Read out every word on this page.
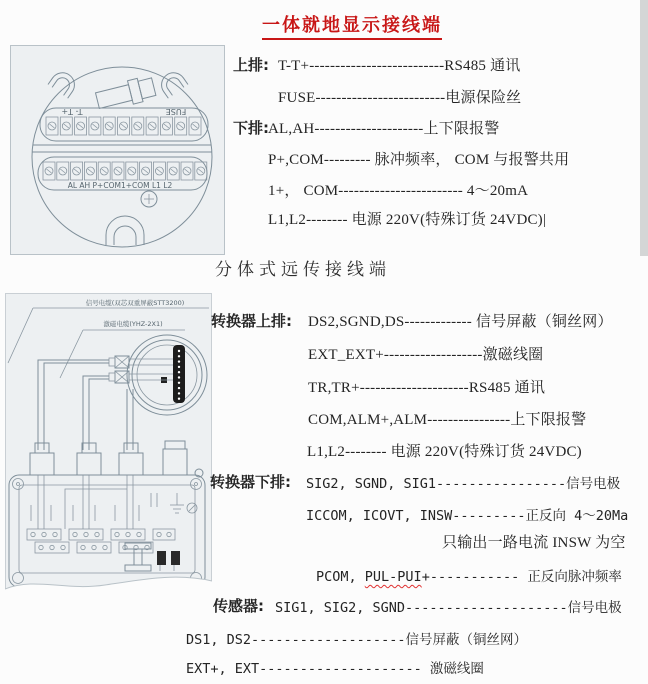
一体就地显示接线端
T- T+	FUSE
AL AH P+COM1+COM L1 L2
上排: T-T+--------------------------RS485 通讯
FUSE-------------------------电源保险丝
下排: AL,AH---------------------上下限报警
P+,COM--------- 脉冲频率， COM 与报警共用
1+， COM------------------------ 4～20mA
L1,L2-------- 电源 220V(特殊订货 24VDC)|
分体式远传接线端
信号电缆(双芯双重屏蔽STT3200)
激磁电缆(YHZ-2X1)	转换器上排: DS2,SGND,DS------------- 信号屏蔽（铜丝网）
EXT_EXT+-------------------激磁线圈
TR,TR+---------------------RS485 通讯
COM,ALM+,ALM----------------上下限报警
L1,L2-------- 电源 220V(特殊订货 24VDC)
转换器下排: SIG2, SGND, SIG1----------------信号电极
ICCOM, ICOVT, INSW---------正反向 4～20Ma
只输出一路电流 INSW 为空
PCOM, PUL-PUI+----------- 正反向脉冲频率
传感器: SIG1, SIG2, SGND--------------------信号电极
DS1, DS2-------------------信号屏蔽（铜丝网）
EXT+, EXT-------------------- 激磁线圈
